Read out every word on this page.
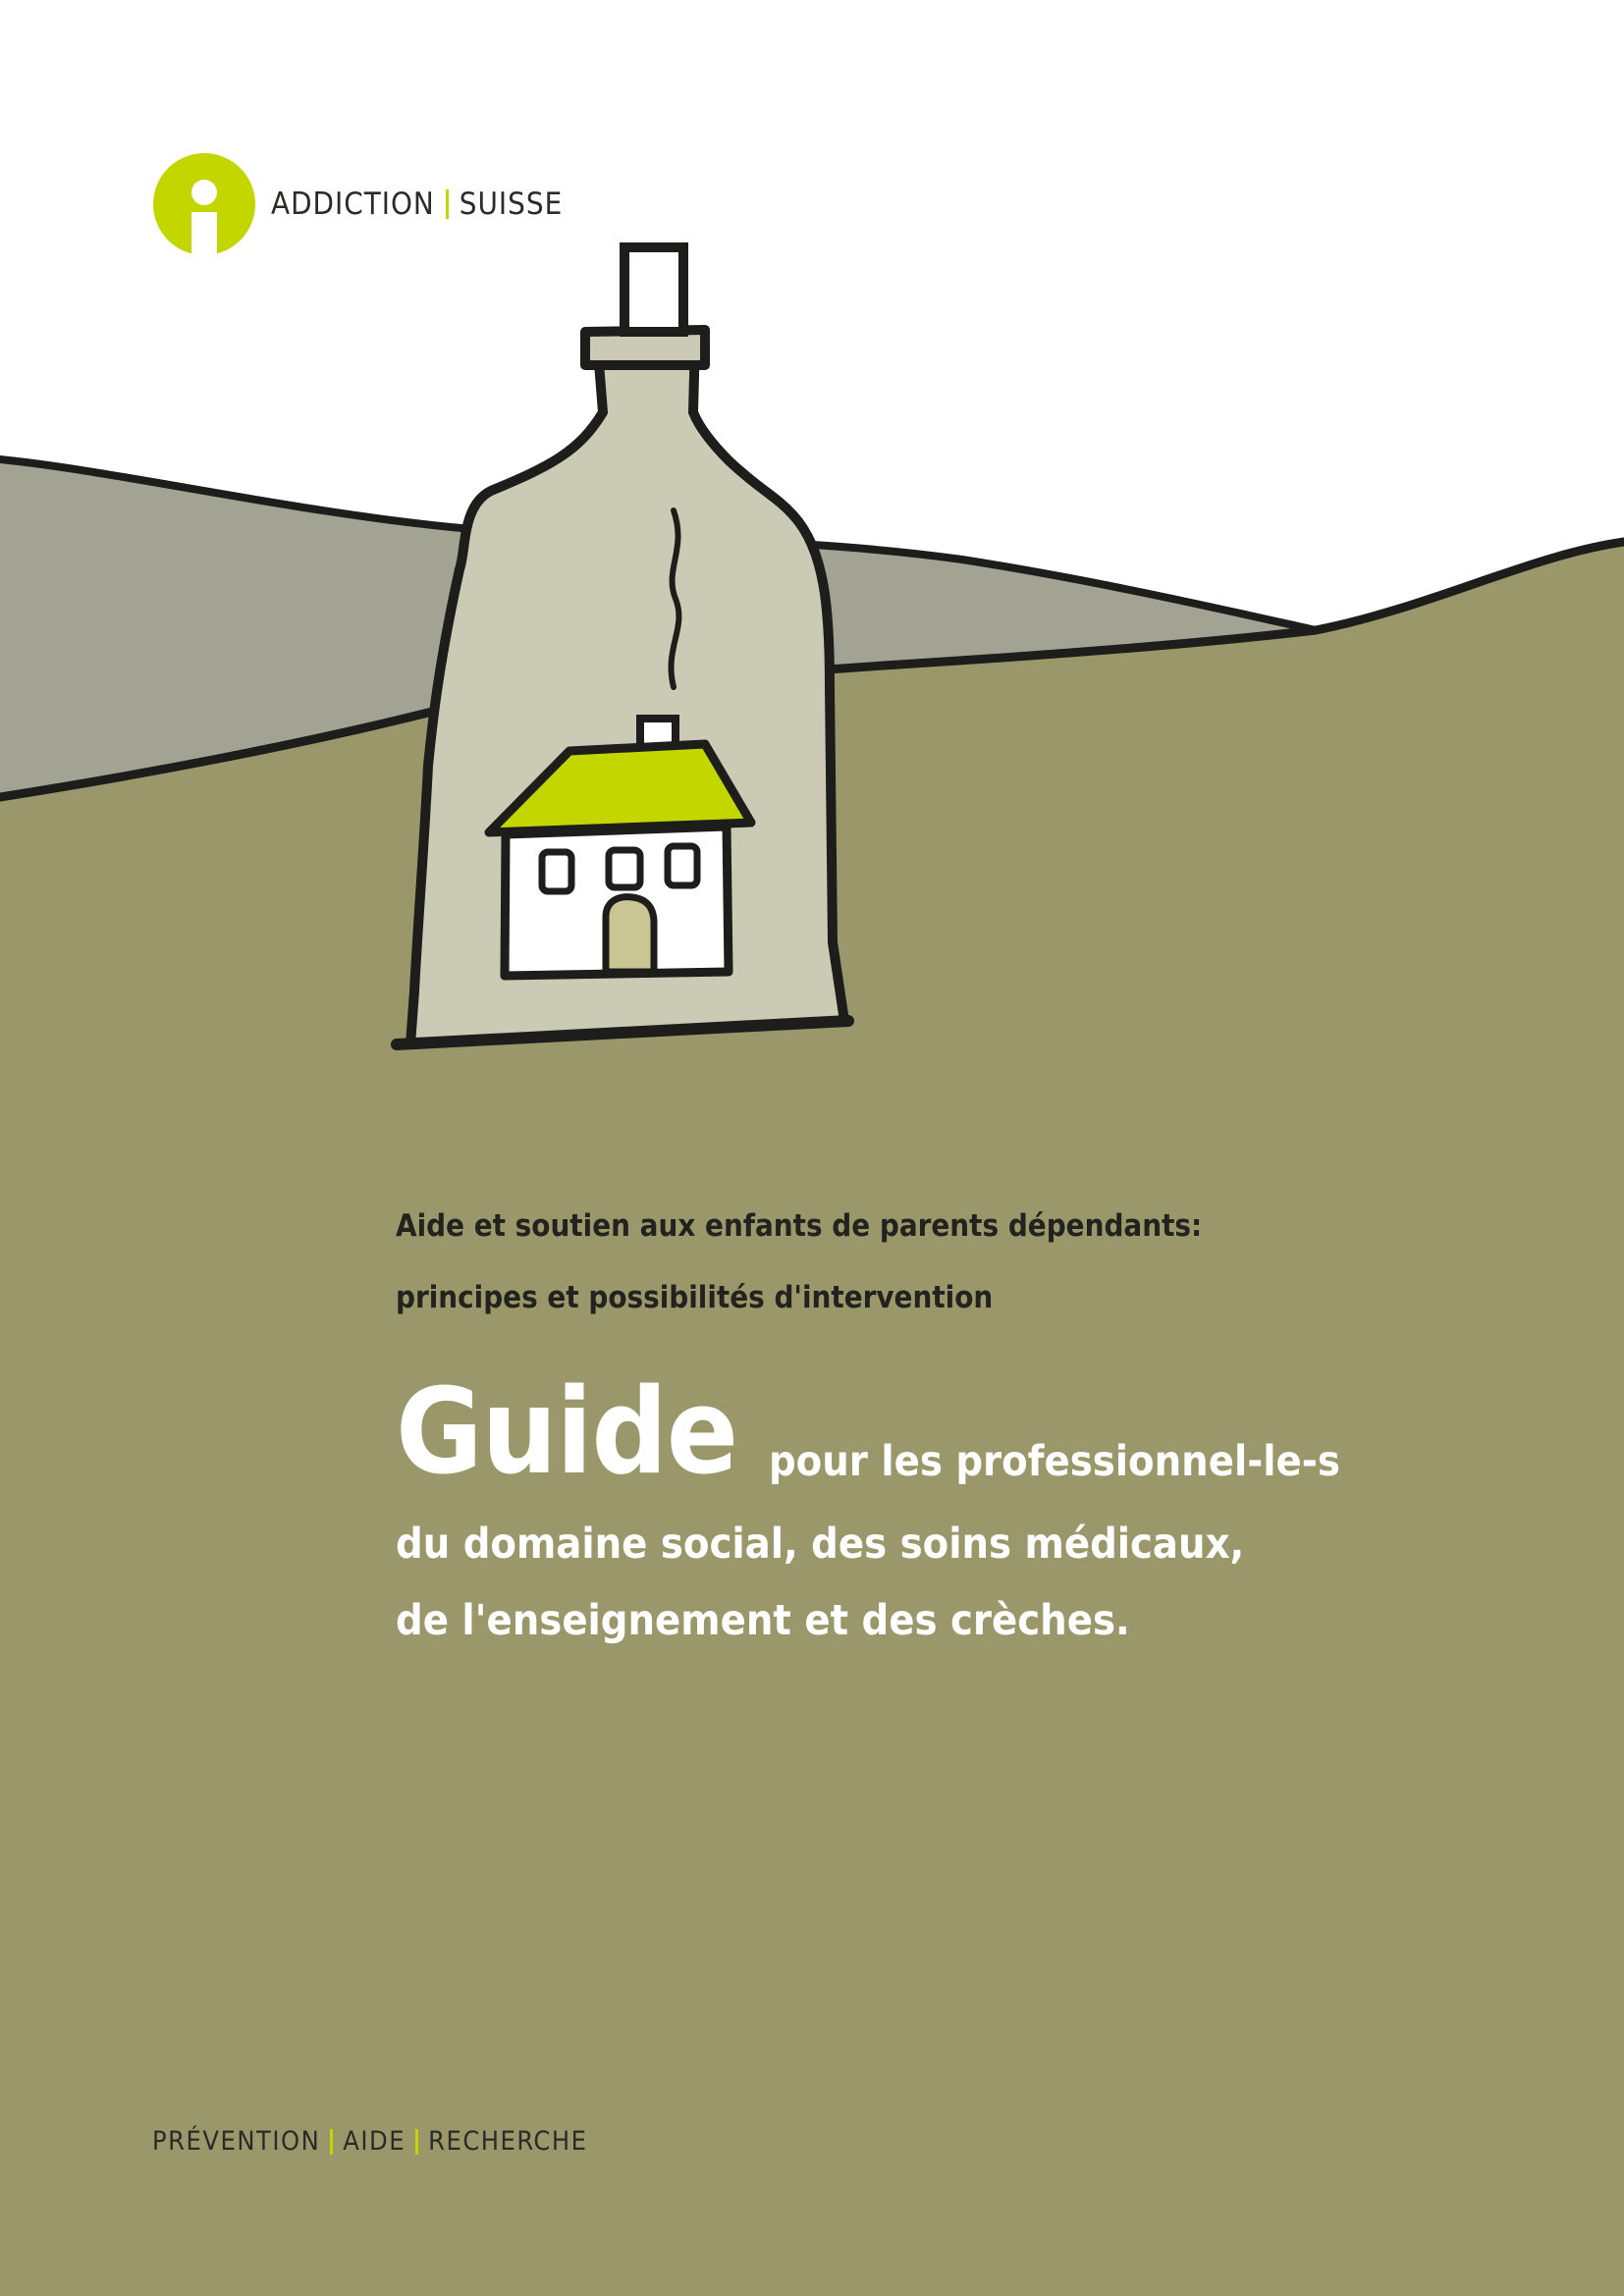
ADDICTION SUISSE
Aide et soutien aux enfants de parents dépendants:
principes et possibilités d'intervention
Guide pour les professionnel-le-s
du domaine social, des soins médicaux,
de l'enseignement et des crèches.
PRÉVENTION AIDE RECHERCHE
